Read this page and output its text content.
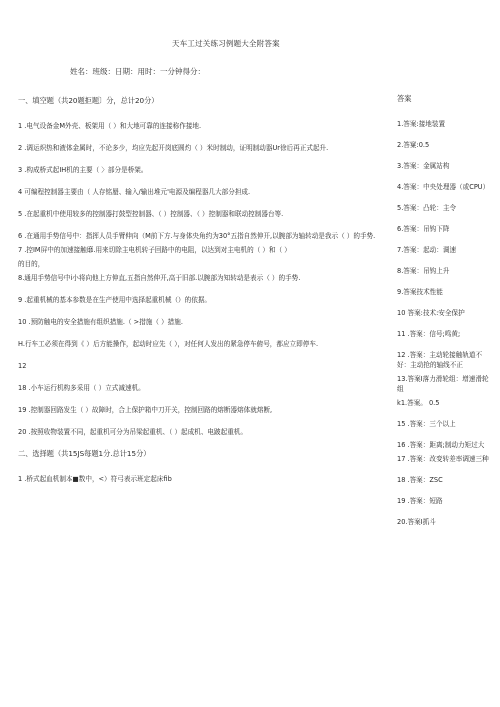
天车工过关练习例题大全附答案
姓名：班级：日期：用时：一分钟得分：
一、填空题（共20题拒题〕分，总计20分）
1 .电气设备金M外壳、板架用（ ）和大地可靠的连接称作接地.
2 .调运炽热和液体金属时，不论多少，均应先起开岗底圆灼（ ）米时制动，证明制动器Ur徐后再正式起升.
3 .构成桥式起IH机的主要（ 〉部分是桥架。
4 可编程控制器主要由（ 人存铭蜃、输入/输出堆元'电源及编程器几大部分担成.
5 .在起重机中使用较多的控制器打鼓型控制器、（ ）控制器、（ ）控制器和联动控制器台等.
6 .在通用手势信号中：指挥人员手臂伸向（M前下方.与身体央角约为30°五指自然伸开,以腕部为轴转动是我示（ ）的手势.
7 .控IM屏中的加速接触靡.用来切除主电机转子回路中的电阻，以达到对主电机的（ ）和（ ）
的目的，
8.通用手势信号中i小将向他上方伸直,五指自然伸开,高于旧部.以腕部为知转动是表示（ ）的手势.
9 .起重机械的基本参数是在生产使用中选择起重机械（）的依据。
10 .预防触电的安全措施有组织措施.（ >措施（ ）措施.
H.行车工必须在得到《 ）后方能操作，起动时应先（ ），对任何人发出的紧急停车俯号，都应立即停车.
12
18 .小车运行机构多采用（ ）立式减速机。
19 .控制器回路发生（ ）故障时，合上保护箱中刀开关，控制回路的熔断器熔体就熔断,
20 .按照收物装置不同，起重机可分为吊梁起重机、（ ）起成机、电跛起重机。
二、选择题（共15JS每题1分.总计15分）
1 .桥式起血机制本■数中，<）符弓表示班定起床fib
答案
1.答案:接地装置
2.答窠:0.5
3.答案：金属站构
4.答案：中央处理器（或CPU）
5.答案：凸轮：主令
6.答案：吊钩下降
7.答案：起动：调速
8.答案：吊钩上升
9.答案技术性能
10 答案:技术:安全保护
11 .答案：信号;鸣黄;
12 .答案：主动轮接触轨道不好：主动抢的轴线不正
13.答案I落力滑轮组：增速滑轮组
k1.答案。 0.5
15 .答案：三个以上
16 .答案：距离;制动力矩过大
17 .答案：改变转差率调速三种
18 .答案：ZSC
19 .答案：短路
20.答案I抓斗
